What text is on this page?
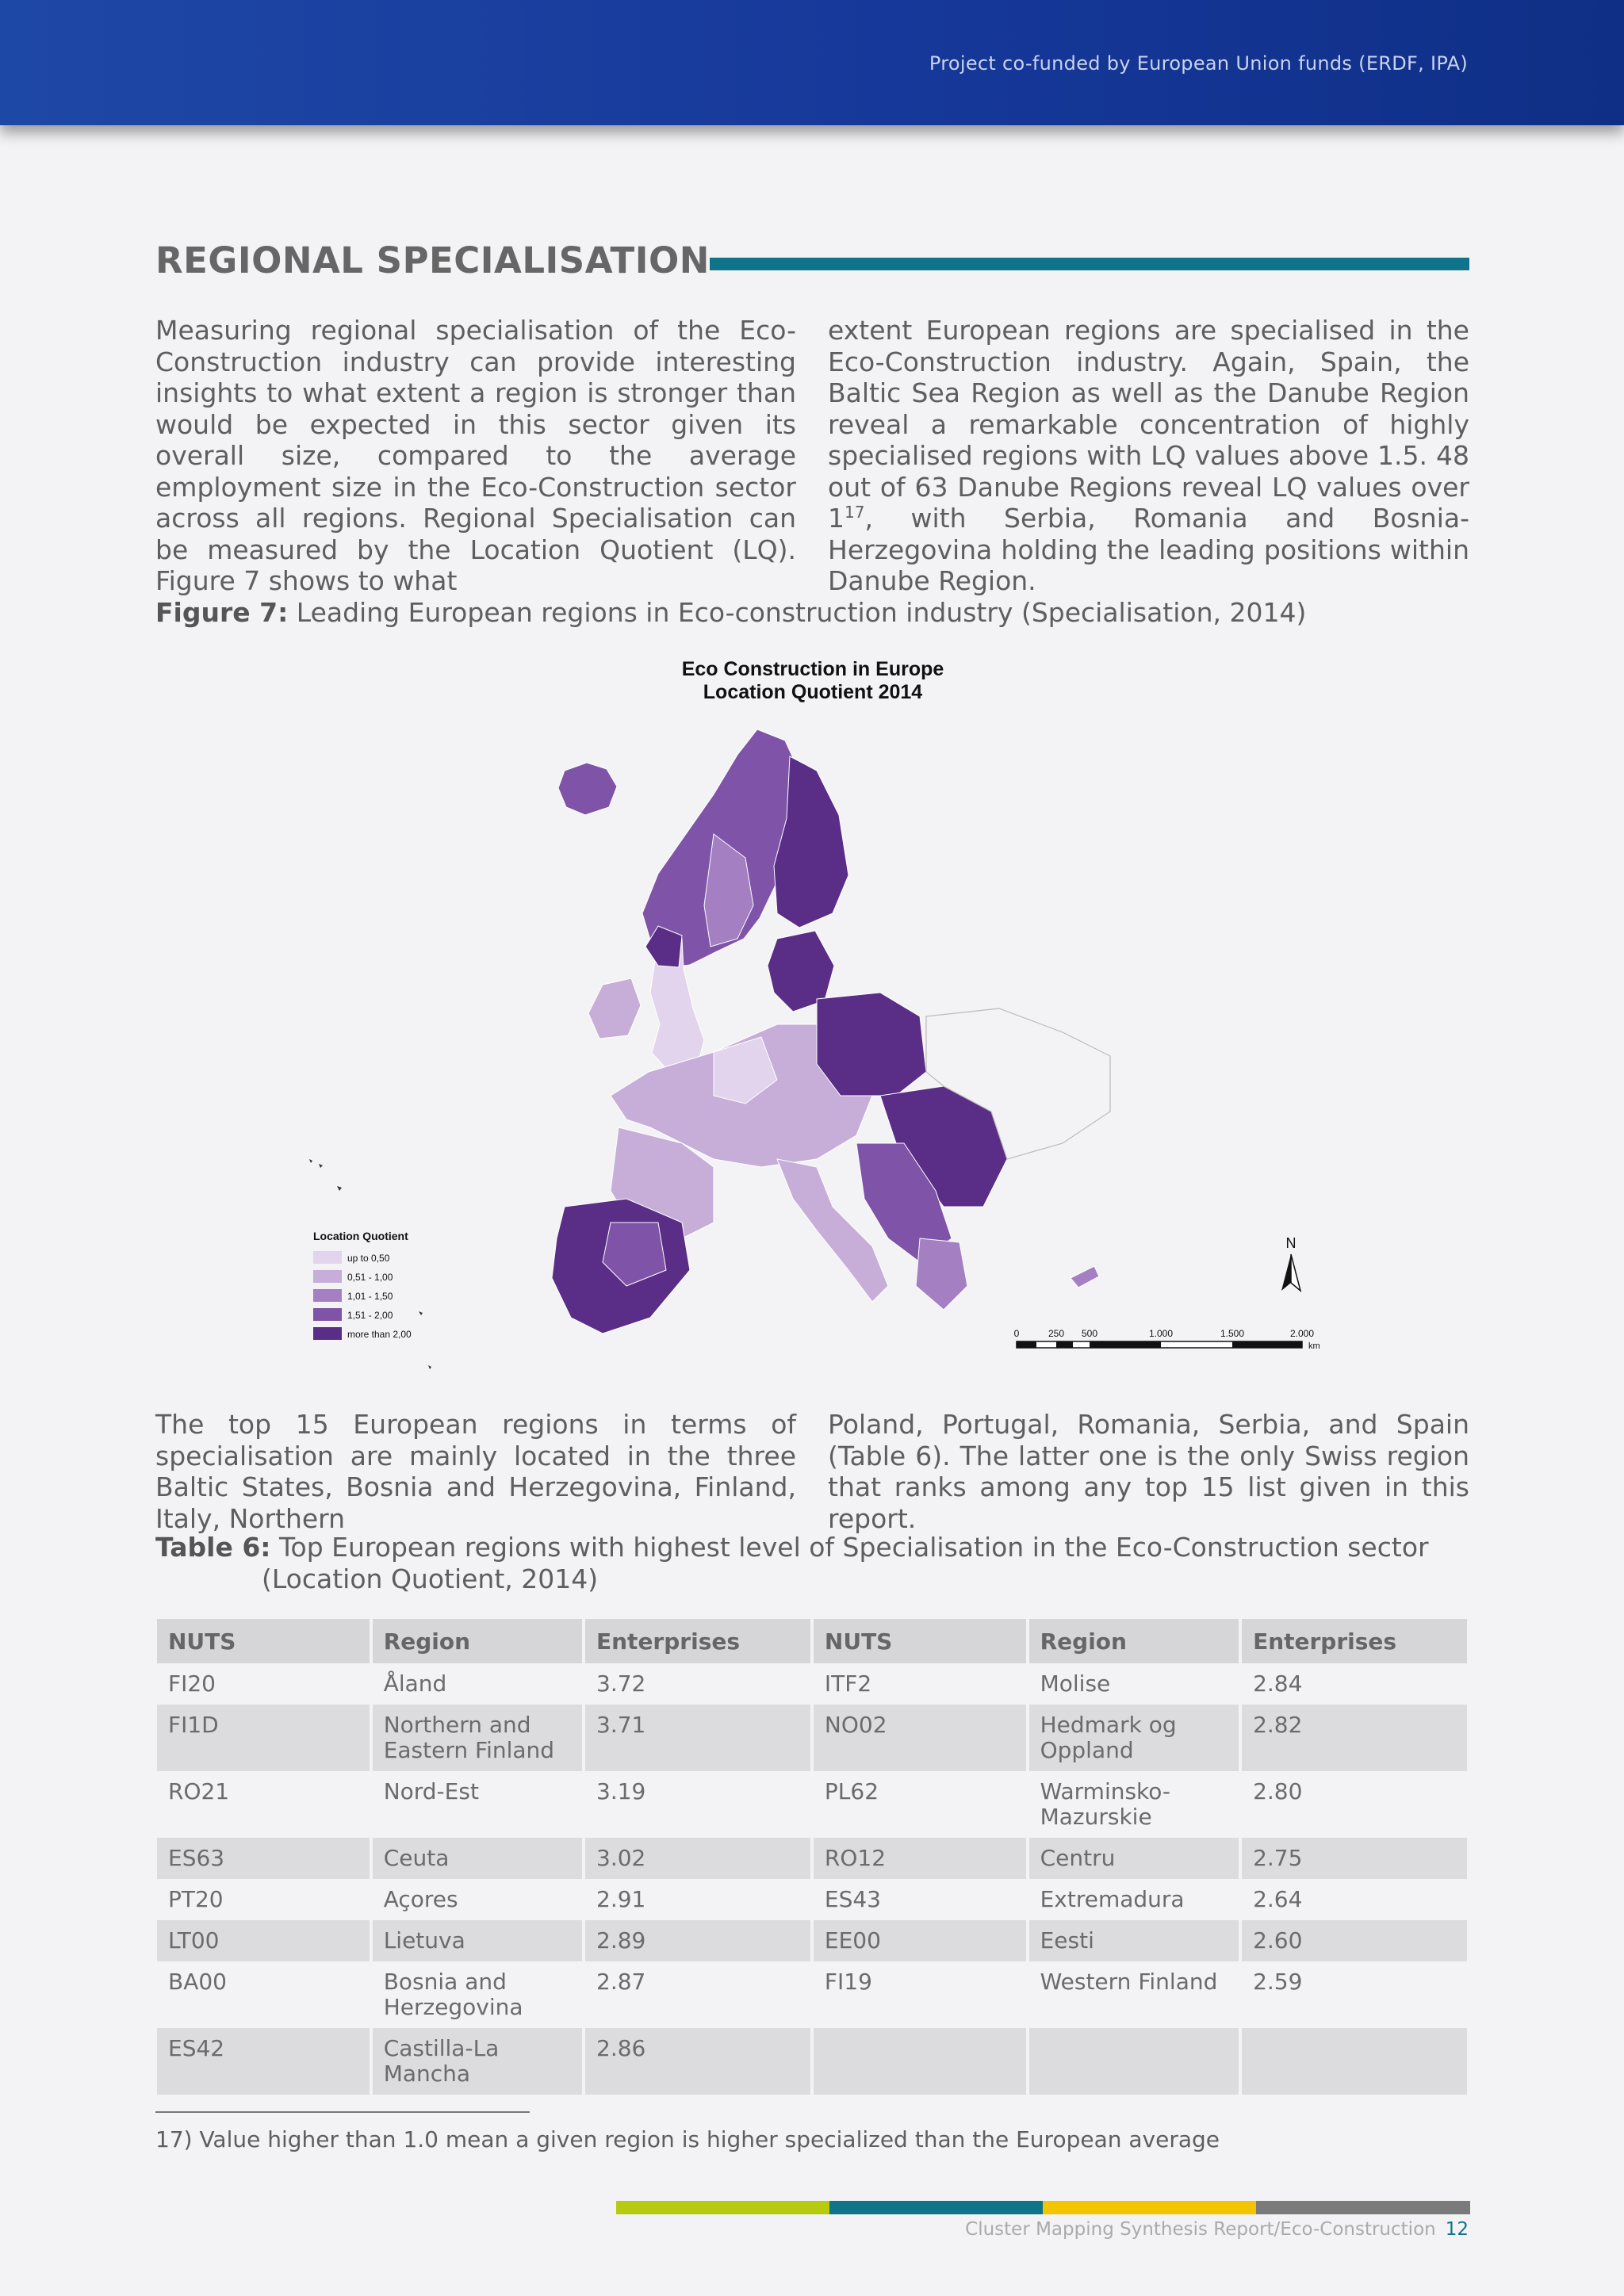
Project co-funded by European Union funds (ERDF, IPA)
REGIONAL SPECIALISATION

Measuring regional specialisation of the Eco-Construction industry can provide interesting insights to what extent a region is stronger than would be expected in this sector given its overall size, compared to the average employment size in the Eco-Construction sector across all regions. Regional Specialisation can be measured by the Location Quotient (LQ). Figure 7 shows to what

extent European regions are specialised in the Eco-Construction industry. Again, Spain, the Baltic Sea Region as well as the Danube Region reveal a remarkable concentration of highly specialised regions with LQ values above 1.5. 48 out of 63 Danube Regions reveal LQ values over $1^{17}$, with Serbia, Romania and Bosnia-Herzegovina holding the leading positions within Danube Region.

Figure 7: Leading European regions in Eco-construction industry (Specialisation, 2014)
Eco Construction in Europe
Location Quotient 2014
Location Quotient
up to 0,50
0,51 - 1,00
1,01 - 1,50
1,51 - 2,00
more than 2,00
N
0	250 500	1.000	1.500	2.000
km

The top 15 European regions in terms of specialisation are mainly located in the three Baltic States, Bosnia and Herzegovina, Finland, Italy, Northern

Poland, Portugal, Romania, Serbia, and Spain (Table 6). The latter one is the only Swiss region that ranks among any top 15 list given in this report.

Table 6: Top European regions with highest level of Specialisation in the Eco-Construction sector
(Location Quotient, 2014)
NUTS	Region	Enterprises	NUTS	Region	Enterprises
FI20	Åland	3.72	ITF2	Molise	2.84
FI1D	Northern and Eastern Finland	3.71	NO02	Hedmark og Oppland	2.82
RO21	Nord-Est	3.19	PL62	Warminsko-Mazurskie	2.80
ES63	Ceuta	3.02	RO12	Centru	2.75
PT20	Açores	2.91	ES43	Extremadura	2.64
LT00	Lietuva	2.89	EE00	Eesti	2.60
BA00	Bosnia and Herzegovina	2.87	FI19	Western Finland	2.59
ES42	Castilla-La Mancha	2.86			
17) Value higher than 1.0 mean a given region is higher specialized than the European average
Cluster Mapping Synthesis Report/Eco-Construction 12
